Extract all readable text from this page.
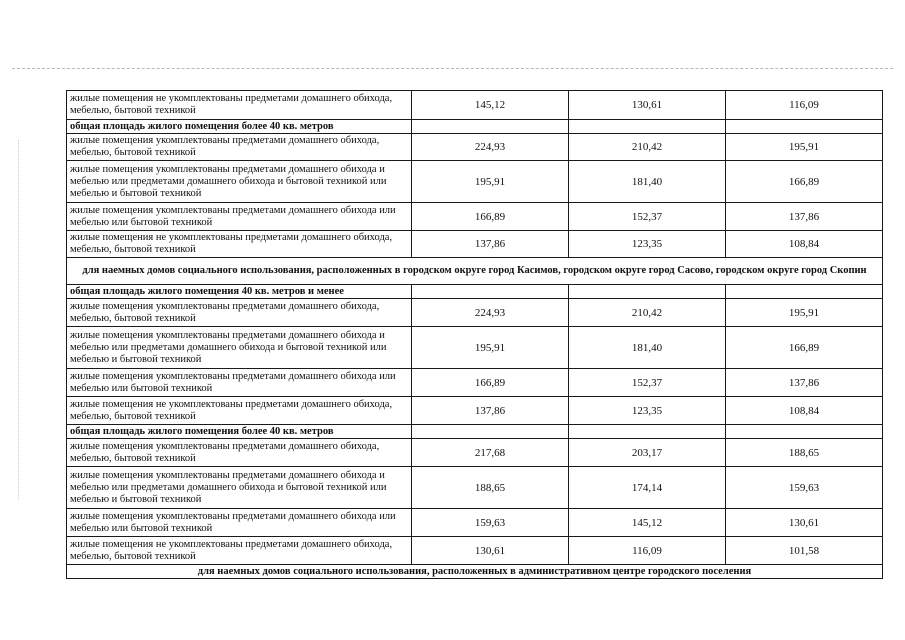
жилые помещения не укомплектованы предметами домашнего обихода, мебелью, бытовой техникой	145,12	130,61	116,09
общая площадь жилого помещения более 40 кв. метров			
жилые помещения укомплектованы предметами домашнего обихода, мебелью, бытовой техникой	224,93	210,42	195,91
жилые помещения укомплектованы предметами домашнего обихода и мебелью или предметами домашнего обихода и бытовой техникой или мебелью и бытовой техникой	195,91	181,40	166,89
жилые помещения укомплектованы предметами домашнего обихода или мебелью или бытовой техникой	166,89	152,37	137,86
жилые помещения не укомплектованы предметами домашнего обихода, мебелью, бытовой техникой	137,86	123,35	108,84
для наемных домов социального использования, расположенных в городском округе город Касимов, городском округе город Сасово, городском округе город Скопин			
общая площадь жилого помещения 40 кв. метров и менее			
жилые помещения укомплектованы предметами домашнего обихода, мебелью, бытовой техникой	224,93	210,42	195,91
жилые помещения укомплектованы предметами домашнего обихода и мебелью или предметами домашнего обихода и бытовой техникой или мебелью и бытовой техникой	195,91	181,40	166,89
жилые помещения укомплектованы предметами домашнего обихода или мебелью или бытовой техникой	166,89	152,37	137,86
жилые помещения не укомплектованы предметами домашнего обихода, мебелью, бытовой техникой	137,86	123,35	108,84
общая площадь жилого помещения более 40 кв. метров			
жилые помещения укомплектованы предметами домашнего обихода, мебелью, бытовой техникой	217,68	203,17	188,65
жилые помещения укомплектованы предметами домашнего обихода и мебелью или предметами домашнего обихода и бытовой техникой или мебелью и бытовой техникой	188,65	174,14	159,63
жилые помещения укомплектованы предметами домашнего обихода или мебелью или бытовой техникой	159,63	145,12	130,61
жилые помещения не укомплектованы предметами домашнего обихода, мебелью, бытовой техникой	130,61	116,09	101,58
для наемных домов социального использования, расположенных в административном центре городского поселения			
